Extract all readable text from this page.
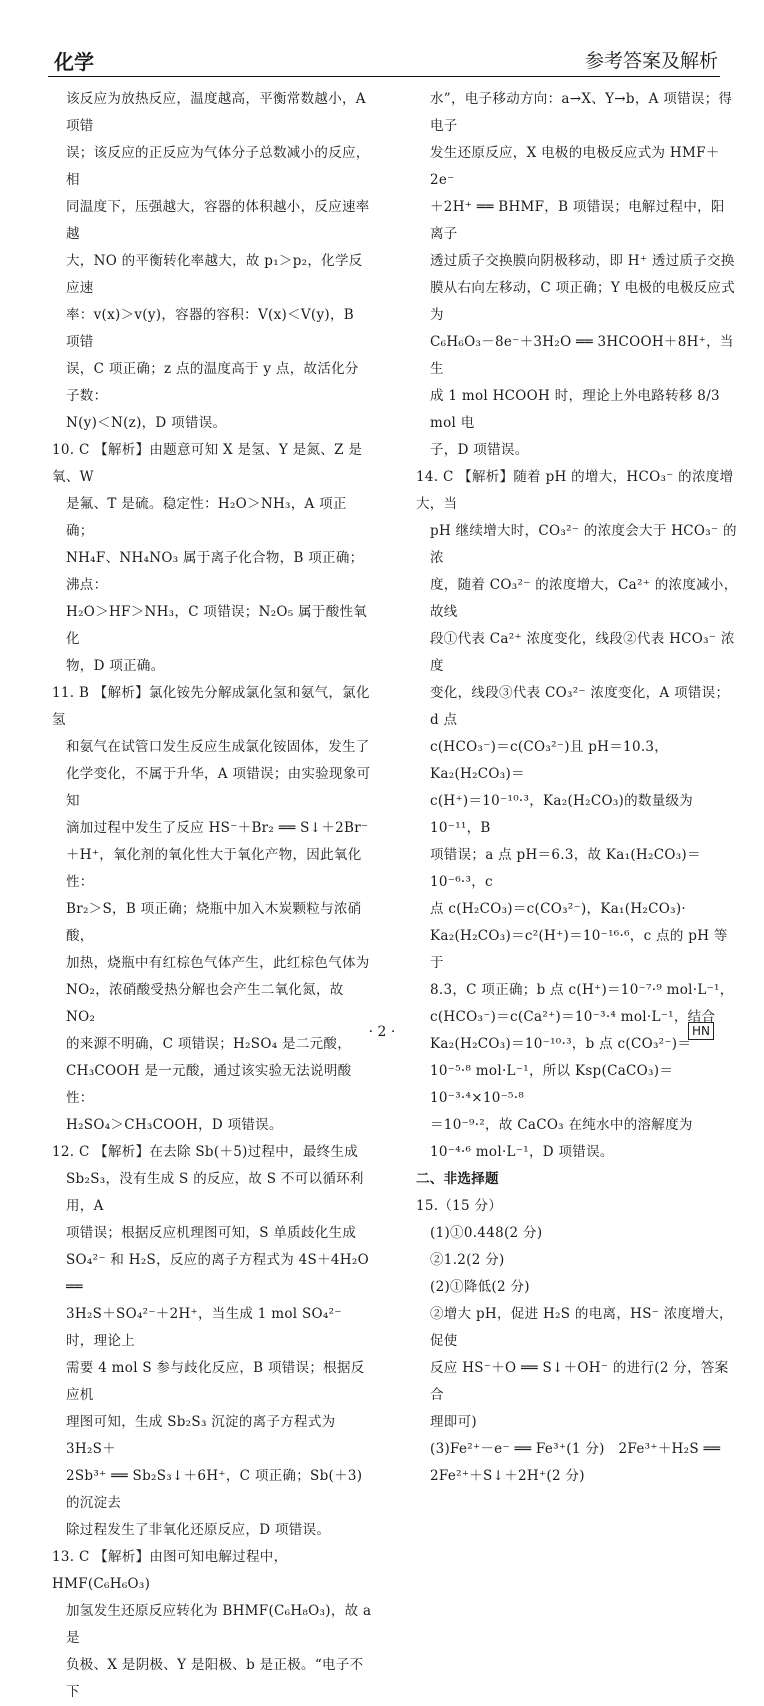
化学	参考答案及解析

该反应为放热反应，温度越高，平衡常数越小，A 项错

误；该反应的正反应为气体分子总数减小的反应，相

同温度下，压强越大，容器的体积越小，反应速率越

大，NO 的平衡转化率越大，故 p₁＞p₂，化学反应速

率：v(x)＞v(y)，容器的容积：V(x)＜V(y)，B 项错

误，C 项正确；z 点的温度高于 y 点，故活化分子数：

N(y)＜N(z)，D 项错误。

10. C 【解析】由题意可知 X 是氢、Y 是氮、Z 是氧、W

是氟、T 是硫。稳定性：H₂O＞NH₃，A 项正确；

NH₄F、NH₄NO₃ 属于离子化合物，B 项正确；沸点：

H₂O＞HF＞NH₃，C 项错误；N₂O₅ 属于酸性氧化

物，D 项正确。

11. B 【解析】氯化铵先分解成氯化氢和氨气，氯化氢

和氨气在试管口发生反应生成氯化铵固体，发生了

化学变化，不属于升华，A 项错误；由实验现象可知

滴加过程中发生了反应 HS⁻＋Br₂ ══ S↓＋2Br⁻

＋H⁺，氧化剂的氧化性大于氧化产物，因此氧化性：

Br₂＞S，B 项正确；烧瓶中加入木炭颗粒与浓硝酸，

加热，烧瓶中有红棕色气体产生，此红棕色气体为

NO₂，浓硝酸受热分解也会产生二氧化氮，故 NO₂

的来源不明确，C 项错误；H₂SO₄ 是二元酸，

CH₃COOH 是一元酸，通过该实验无法说明酸性：

H₂SO₄＞CH₃COOH，D 项错误。

12. C 【解析】在去除 Sb(＋5)过程中，最终生成

Sb₂S₃，没有生成 S 的反应，故 S 不可以循环利用，A

项错误；根据反应机理图可知，S 单质歧化生成

SO₄²⁻ 和 H₂S，反应的离子方程式为 4S＋4H₂O ══

3H₂S＋SO₄²⁻＋2H⁺，当生成 1 mol SO₄²⁻ 时，理论上

需要 4 mol S 参与歧化反应，B 项错误；根据反应机

理图可知，生成 Sb₂S₃ 沉淀的离子方程式为 3H₂S＋

2Sb³⁺ ══ Sb₂S₃↓＋6H⁺，C 项正确；Sb(＋3)的沉淀去

除过程发生了非氧化还原反应，D 项错误。

13. C 【解析】由图可知电解过程中，HMF(C₆H₆O₃)

加氢发生还原反应转化为 BHMF(C₆H₈O₃)，故 a 是

负极、X 是阴极、Y 是阳极、b 是正极。“电子不下

水”，电子移动方向：a→X、Y→b，A 项错误；得电子

发生还原反应，X 电极的电极反应式为 HMF＋2e⁻

＋2H⁺ ══ BHMF，B 项错误；电解过程中，阳离子

透过质子交换膜向阴极移动，即 H⁺ 透过质子交换

膜从右向左移动，C 项正确；Y 电极的电极反应式为

C₆H₆O₃－8e⁻＋3H₂O ══ 3HCOOH＋8H⁺，当生

成 1 mol HCOOH 时，理论上外电路转移 8/3 mol 电

子，D 项错误。

14. C 【解析】随着 pH 的增大，HCO₃⁻ 的浓度增大，当

pH 继续增大时，CO₃²⁻ 的浓度会大于 HCO₃⁻ 的浓

度，随着 CO₃²⁻ 的浓度增大，Ca²⁺ 的浓度减小，故线

段①代表 Ca²⁺ 浓度变化，线段②代表 HCO₃⁻ 浓度

变化，线段③代表 CO₃²⁻ 浓度变化，A 项错误；d 点

c(HCO₃⁻)＝c(CO₃²⁻)且 pH＝10.3，Ka₂(H₂CO₃)＝

c(H⁺)＝10⁻¹⁰·³，Ka₂(H₂CO₃)的数量级为 10⁻¹¹，B

项错误；a 点 pH＝6.3，故 Ka₁(H₂CO₃)＝10⁻⁶·³，c

点 c(H₂CO₃)＝c(CO₃²⁻)，Ka₁(H₂CO₃)·

Ka₂(H₂CO₃)＝c²(H⁺)＝10⁻¹⁶·⁶，c 点的 pH 等于

8.3，C 项正确；b 点 c(H⁺)＝10⁻⁷·⁹ mol·L⁻¹，

c(HCO₃⁻)＝c(Ca²⁺)＝10⁻³·⁴ mol·L⁻¹，结合

Ka₂(H₂CO₃)＝10⁻¹⁰·³，b 点 c(CO₃²⁻)＝

10⁻⁵·⁸ mol·L⁻¹，所以 Ksp(CaCO₃)＝10⁻³·⁴×10⁻⁵·⁸

＝10⁻⁹·²，故 CaCO₃ 在纯水中的溶解度为

10⁻⁴·⁶ mol·L⁻¹，D 项错误。

二、非选择题

15.（15 分）

(1)①0.448(2 分)

②1.2(2 分)

(2)①降低(2 分)

②增大 pH，促进 H₂S 的电离，HS⁻ 浓度增大，促使

反应 HS⁻＋O ══ S↓＋OH⁻ 的进行(2 分，答案合

理即可)

(3)Fe²⁺－e⁻ ══ Fe³⁺(1 分)　2Fe³⁺＋H₂S ══

2Fe²⁺＋S↓＋2H⁺(2 分)

· 2 ·	HN
